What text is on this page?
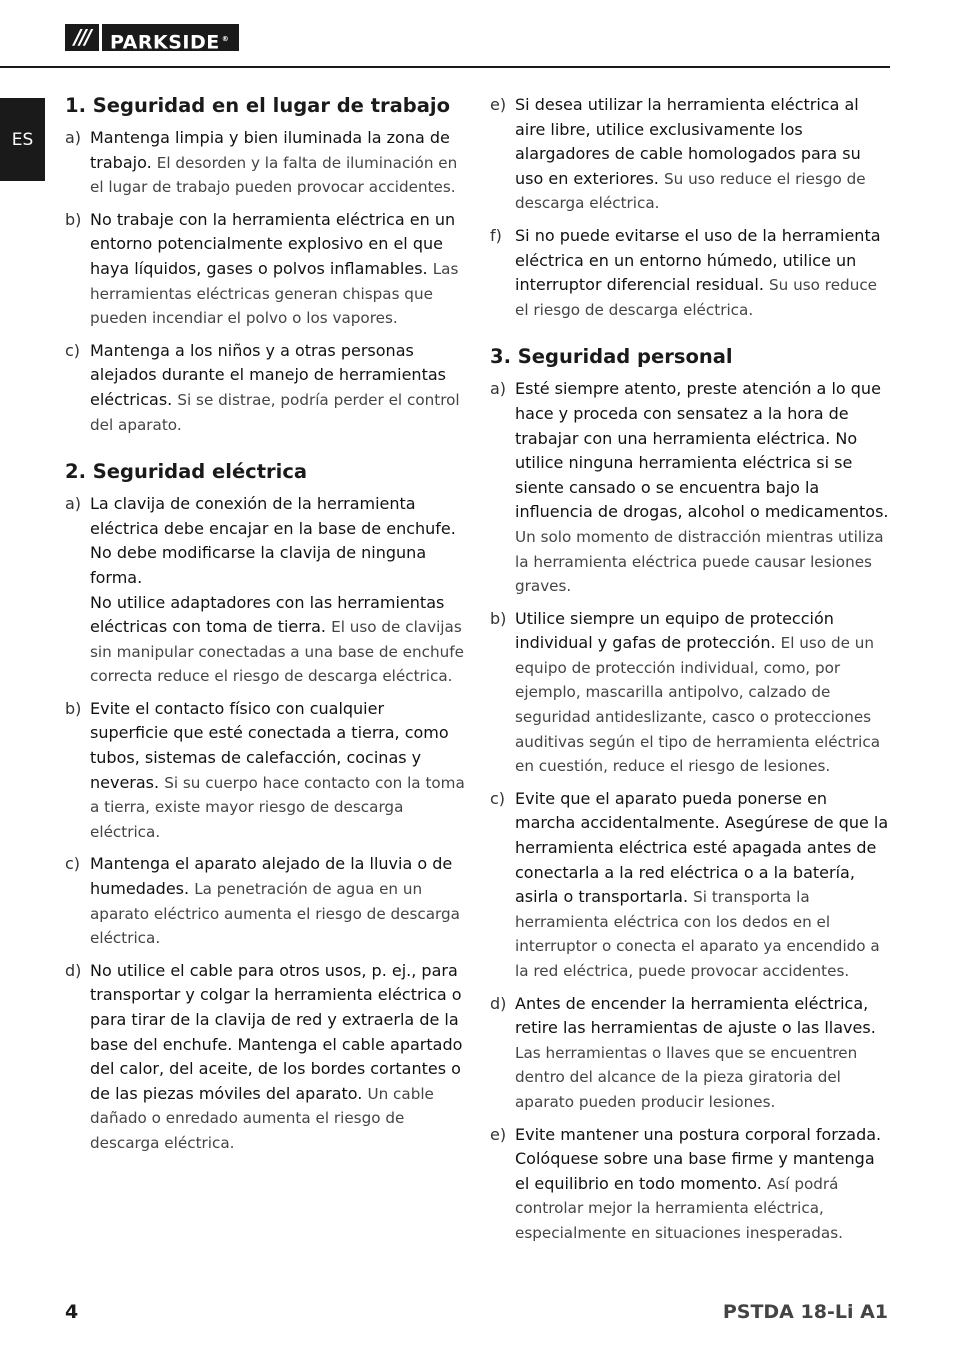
///	PARKSIDE ®
ES
1. Seguridad en el lugar de trabajo
a) Mantenga limpia y bien iluminada la zona de trabajo. El desorden y la falta de iluminación en el lugar de trabajo pueden provocar accidentes.
b) No trabaje con la herramienta eléctrica en un entorno potencialmente explosivo en el que haya líquidos, gases o polvos inflamables. Las herramientas eléctricas generan chispas que pueden incendiar el polvo o los vapores.
c) Mantenga a los niños y a otras personas alejados durante el manejo de herramientas eléctricas. Si se distrae, podría perder el control del aparato.
2. Seguridad eléctrica
a) La clavija de conexión de la herramienta eléctrica debe encajar en la base de enchufe. No debe modificarse la clavija de ninguna forma.
No utilice adaptadores con las herramientas eléctricas con toma de tierra. El uso de clavijas sin manipular conectadas a una base de enchufe correcta reduce el riesgo de descarga eléctrica.
b) Evite el contacto físico con cualquier superficie que esté conectada a tierra, como tubos, sistemas de calefacción, cocinas y neveras. Si su cuerpo hace contacto con la toma a tierra, existe mayor riesgo de descarga eléctrica.
c) Mantenga el aparato alejado de la lluvia o de humedades. La penetración de agua en un aparato eléctrico aumenta el riesgo de descarga eléctrica.
d) No utilice el cable para otros usos, p. ej., para transportar y colgar la herramienta eléctrica o para tirar de la clavija de red y extraerla de la base del enchufe. Mantenga el cable apartado del calor, del aceite, de los bordes cortantes o de las piezas móviles del aparato. Un cable dañado o enredado aumenta el riesgo de descarga eléctrica.
e) Si desea utilizar la herramienta eléctrica al aire libre, utilice exclusivamente los alargadores de cable homologados para su uso en exteriores. Su uso reduce el riesgo de descarga eléctrica.
f) Si no puede evitarse el uso de la herramienta eléctrica en un entorno húmedo, utilice un interruptor diferencial residual. Su uso reduce el riesgo de descarga eléctrica.
3. Seguridad personal
a) Esté siempre atento, preste atención a lo que hace y proceda con sensatez a la hora de trabajar con una herramienta eléctrica. No utilice ninguna herramienta eléctrica si se siente cansado o se encuentra bajo la influencia de drogas, alcohol o medicamentos. Un solo momento de distracción mientras utiliza la herramienta eléctrica puede causar lesiones graves.
b) Utilice siempre un equipo de protección individual y gafas de protección. El uso de un equipo de protección individual, como, por ejemplo, mascarilla antipolvo, calzado de seguridad antideslizante, casco o protecciones auditivas según el tipo de herramienta eléctrica en cuestión, reduce el riesgo de lesiones.
c) Evite que el aparato pueda ponerse en marcha accidentalmente. Asegúrese de que la herramienta eléctrica esté apagada antes de conectarla a la red eléctrica o a la batería, asirla o transportarla. Si transporta la herramienta eléctrica con los dedos en el interruptor o conecta el aparato ya encendido a la red eléctrica, puede provocar accidentes.
d) Antes de encender la herramienta eléctrica, retire las herramientas de ajuste o las llaves. Las herramientas o llaves que se encuentren dentro del alcance de la pieza giratoria del aparato pueden producir lesiones.
e) Evite mantener una postura corporal forzada. Colóquese sobre una base firme y mantenga el equilibrio en todo momento. Así podrá controlar mejor la herramienta eléctrica, especialmente en situaciones inesperadas.
4	PSTDA 18-Li A1
